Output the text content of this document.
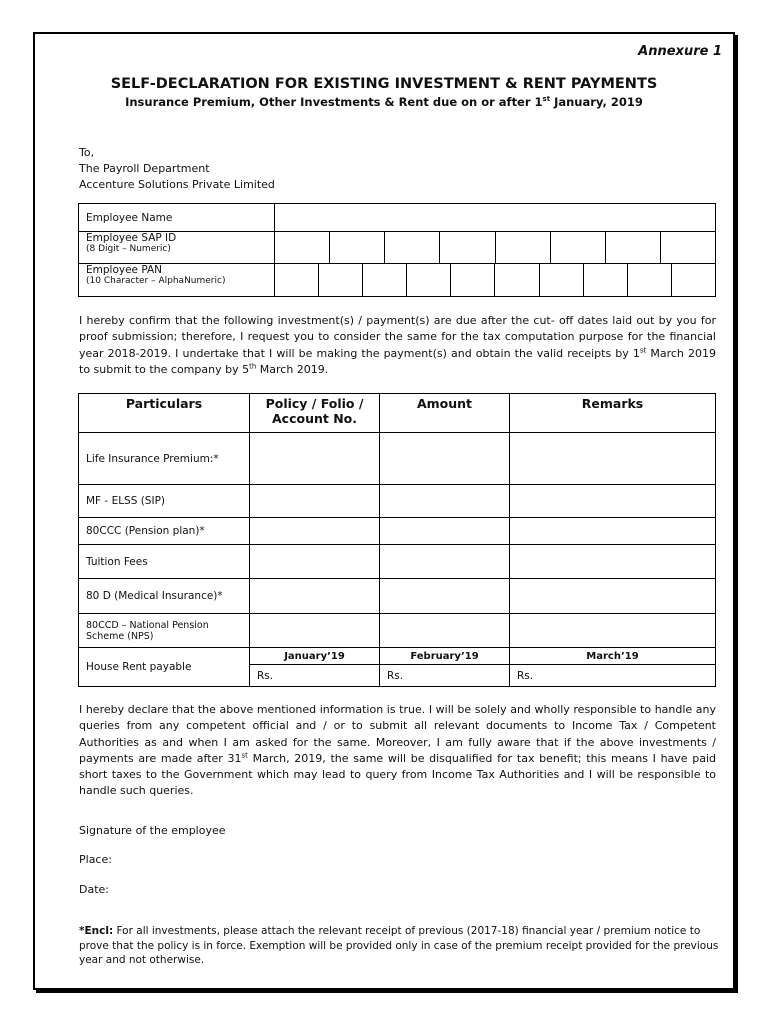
Annexure 1
SELF-DECLARATION FOR EXISTING INVESTMENT & RENT PAYMENTS
Insurance Premium, Other Investments & Rent due on or after 1st January, 2019
To,
The Payroll Department
Accenture Solutions Private Limited
Employee Name	

Employee SAP ID
(8 Digit – Numeric)	

Employee PAN
(10 Character – AlphaNumeric)	

I hereby confirm that the following investment(s) / payment(s) are due after the cut- off dates laid out by you for proof submission; therefore, I request you to consider the same for the tax computation purpose for the financial year 2018-2019. I undertake that I will be making the payment(s) and obtain the valid receipts by 1st March 2019 to submit to the company by 5th March 2019.
Particulars	Policy / Folio / Account No.	Amount	Remarks
Life Insurance Premium:*			
MF - ELSS (SIP)			
80CCC (Pension plan)*			
Tuition Fees			
80 D (Medical Insurance)*			
80CCD – National Pension Scheme (NPS)			
House Rent payable	January’19	February’19	March’19
	Rs.	Rs.	Rs.
I hereby declare that the above mentioned information is true. I will be solely and wholly responsible to handle any queries from any competent official and / or to submit all relevant documents to Income Tax / Competent Authorities as and when I am asked for the same. Moreover, I am fully aware that if the above investments / payments are made after 31st March, 2019, the same will be disqualified for tax benefit; this means I have paid short taxes to the Government which may lead to query from Income Tax Authorities and I will be responsible to handle such queries.
Signature of the employee
Place:
Date:
*Encl: For all investments, please attach the relevant receipt of previous (2017-18) financial year / premium notice to prove that the policy is in force. Exemption will be provided only in case of the premium receipt provided for the previous year and not otherwise.
